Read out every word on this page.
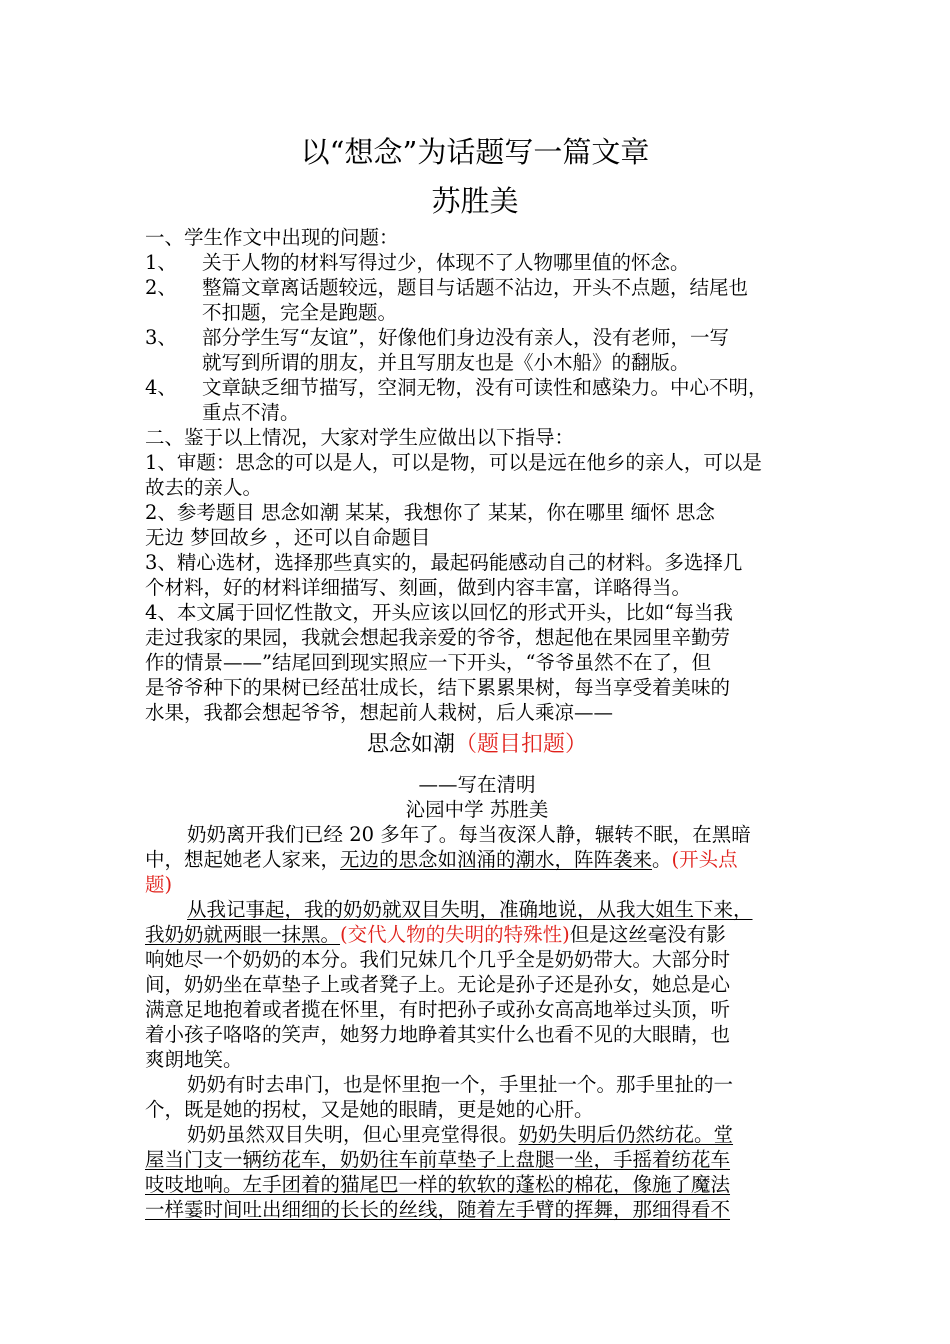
以“想念”为话题写一篇文章
苏胜美
一、学生作文中出现的问题：
1、 关于人物的材料写得过少，体现不了人物哪里值的怀念。
2、 整篇文章离话题较远，题目与话题不沾边，开头不点题，结尾也
不扣题，完全是跑题。
3、 部分学生写“友谊”，好像他们身边没有亲人，没有老师，一写
就写到所谓的朋友，并且写朋友也是《小木船》的翻版。
4、 文章缺乏细节描写，空洞无物，没有可读性和感染力。中心不明，
重点不清。
二、鉴于以上情况，大家对学生应做出以下指导：
1、审题：思念的可以是人，可以是物，可以是远在他乡的亲人，可以是
故去的亲人。
2、参考题目 思念如潮 某某，我想你了 某某，你在哪里 缅怀 思念
无边 梦回故乡 ，还可以自命题目
3、精心选材，选择那些真实的，最起码能感动自己的材料。多选择几
个材料，好的材料详细描写、刻画，做到内容丰富，详略得当。
4、本文属于回忆性散文，开头应该以回忆的形式开头，比如“每当我
走过我家的果园，我就会想起我亲爱的爷爷，想起他在果园里辛勤劳
作的情景——”结尾回到现实照应一下开头，“爷爷虽然不在了，但
是爷爷种下的果树已经茁壮成长，结下累累果树，每当享受着美味的
水果，我都会想起爷爷，想起前人栽树，后人乘凉——
思念如潮（题目扣题）
——写在清明
沁园中学 苏胜美
奶奶离开我们已经 20 多年了。每当夜深人静，辗转不眠，在黑暗
中，想起她老人家来，无边的思念如汹涌的潮水，阵阵袭来。(开头点
题)
从我记事起，我的奶奶就双目失明，准确地说，从我大姐生下来，
我奶奶就两眼一抹黑。(交代人物的失明的特殊性)但是这丝毫没有影
响她尽一个奶奶的本分。我们兄妹几个几乎全是奶奶带大。大部分时
间，奶奶坐在草垫子上或者凳子上。无论是孙子还是孙女，她总是心
满意足地抱着或者揽在怀里，有时把孙子或孙女高高地举过头顶，听
着小孩子咯咯的笑声，她努力地睁着其实什么也看不见的大眼睛，也
爽朗地笑。
奶奶有时去串门，也是怀里抱一个，手里扯一个。那手里扯的一
个，既是她的拐杖，又是她的眼睛，更是她的心肝。
奶奶虽然双目失明，但心里亮堂得很。奶奶失明后仍然纺花。堂
屋当门支一辆纺花车，奶奶往车前草垫子上盘腿一坐，手摇着纺花车
吱吱地响。左手团着的猫尾巴一样的软软的蓬松的棉花，像施了魔法
一样霎时间吐出细细的长长的丝线，随着左手臂的挥舞，那细得看不
